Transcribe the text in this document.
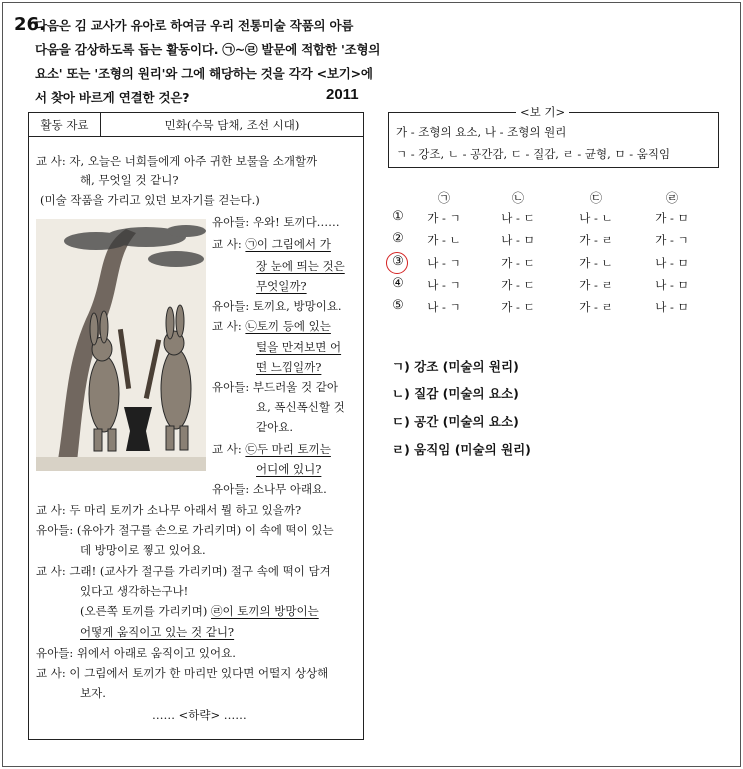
26.
다음은 김 교사가 유아로 하여금 우리 전통미술 작품의 아름
다움을 감상하도록 돕는 활동이다. ㉠~㉣ 발문에 적합한 '조형의
요소' 또는 '조형의 원리'와 그에 해당하는 것을 각각 <보기>에
서 찾아 바르게 연결한 것은?	2011
활동 자료	민화(수묵 담채, 조선 시대)
교 사: 자, 오늘은 너희들에게 아주 귀한 보물을 소개할까
해, 무엇일 것 같니?
(미술 작품을 가리고 있던 보자기를 걷는다.)
유아들: 우와! 토끼다……
교 사: ㉠이 그림에서 가
장 눈에 띄는 것은
무엇일까?
유아들: 토끼요, 방망이요.
교 사: ㉡토끼 등에 있는
털을 만져보면 어
떤 느낌일까?
유아들: 부드러울 것 같아
요, 폭신폭신할 것
같아요.
교 사: ㉢두 마리 토끼는
어디에 있니?
유아들: 소나무 아래요.
교 사: 두 마리 토끼가 소나무 아래서 뭘 하고 있을까?
유아들: (유아가 절구를 손으로 가리키며) 이 속에 떡이 있는
데 방망이로 찧고 있어요.
교 사: 그래! (교사가 절구를 가리키며) 절구 속에 떡이 담겨
있다고 생각하는구나!
(오른쪽 토끼를 가리키며) ㉣이 토끼의 방망이는
어떻게 움직이고 있는 것 같니?
유아들: 위에서 아래로 움직이고 있어요.
교 사: 이 그림에서 토끼가 한 마리만 있다면 어떨지 상상해
보자.
…… <하략> ……
<보 기>
가 - 조형의 요소, 나 - 조형의 원리
ㄱ - 강조, ㄴ - 공간감, ㄷ - 질감, ㄹ - 균형, ㅁ - 움직임
㉠	㉡	㉢	㉣
①	가 - ㄱ	나 - ㄷ	나 - ㄴ	가 - ㅁ
②	가 - ㄴ	나 - ㅁ	가 - ㄹ	가 - ㄱ
③	나 - ㄱ	가 - ㄷ	가 - ㄴ	나 - ㅁ
④	나 - ㄱ	가 - ㄷ	가 - ㄹ	나 - ㅁ
⑤	나 - ㄱ	가 - ㄷ	가 - ㄹ	나 - ㅁ
ㄱ) 강조 (미술의 원리)
ㄴ) 질감 (미술의 요소)
ㄷ) 공간 (미술의 요소)
ㄹ) 움직임 (미술의 원리)
